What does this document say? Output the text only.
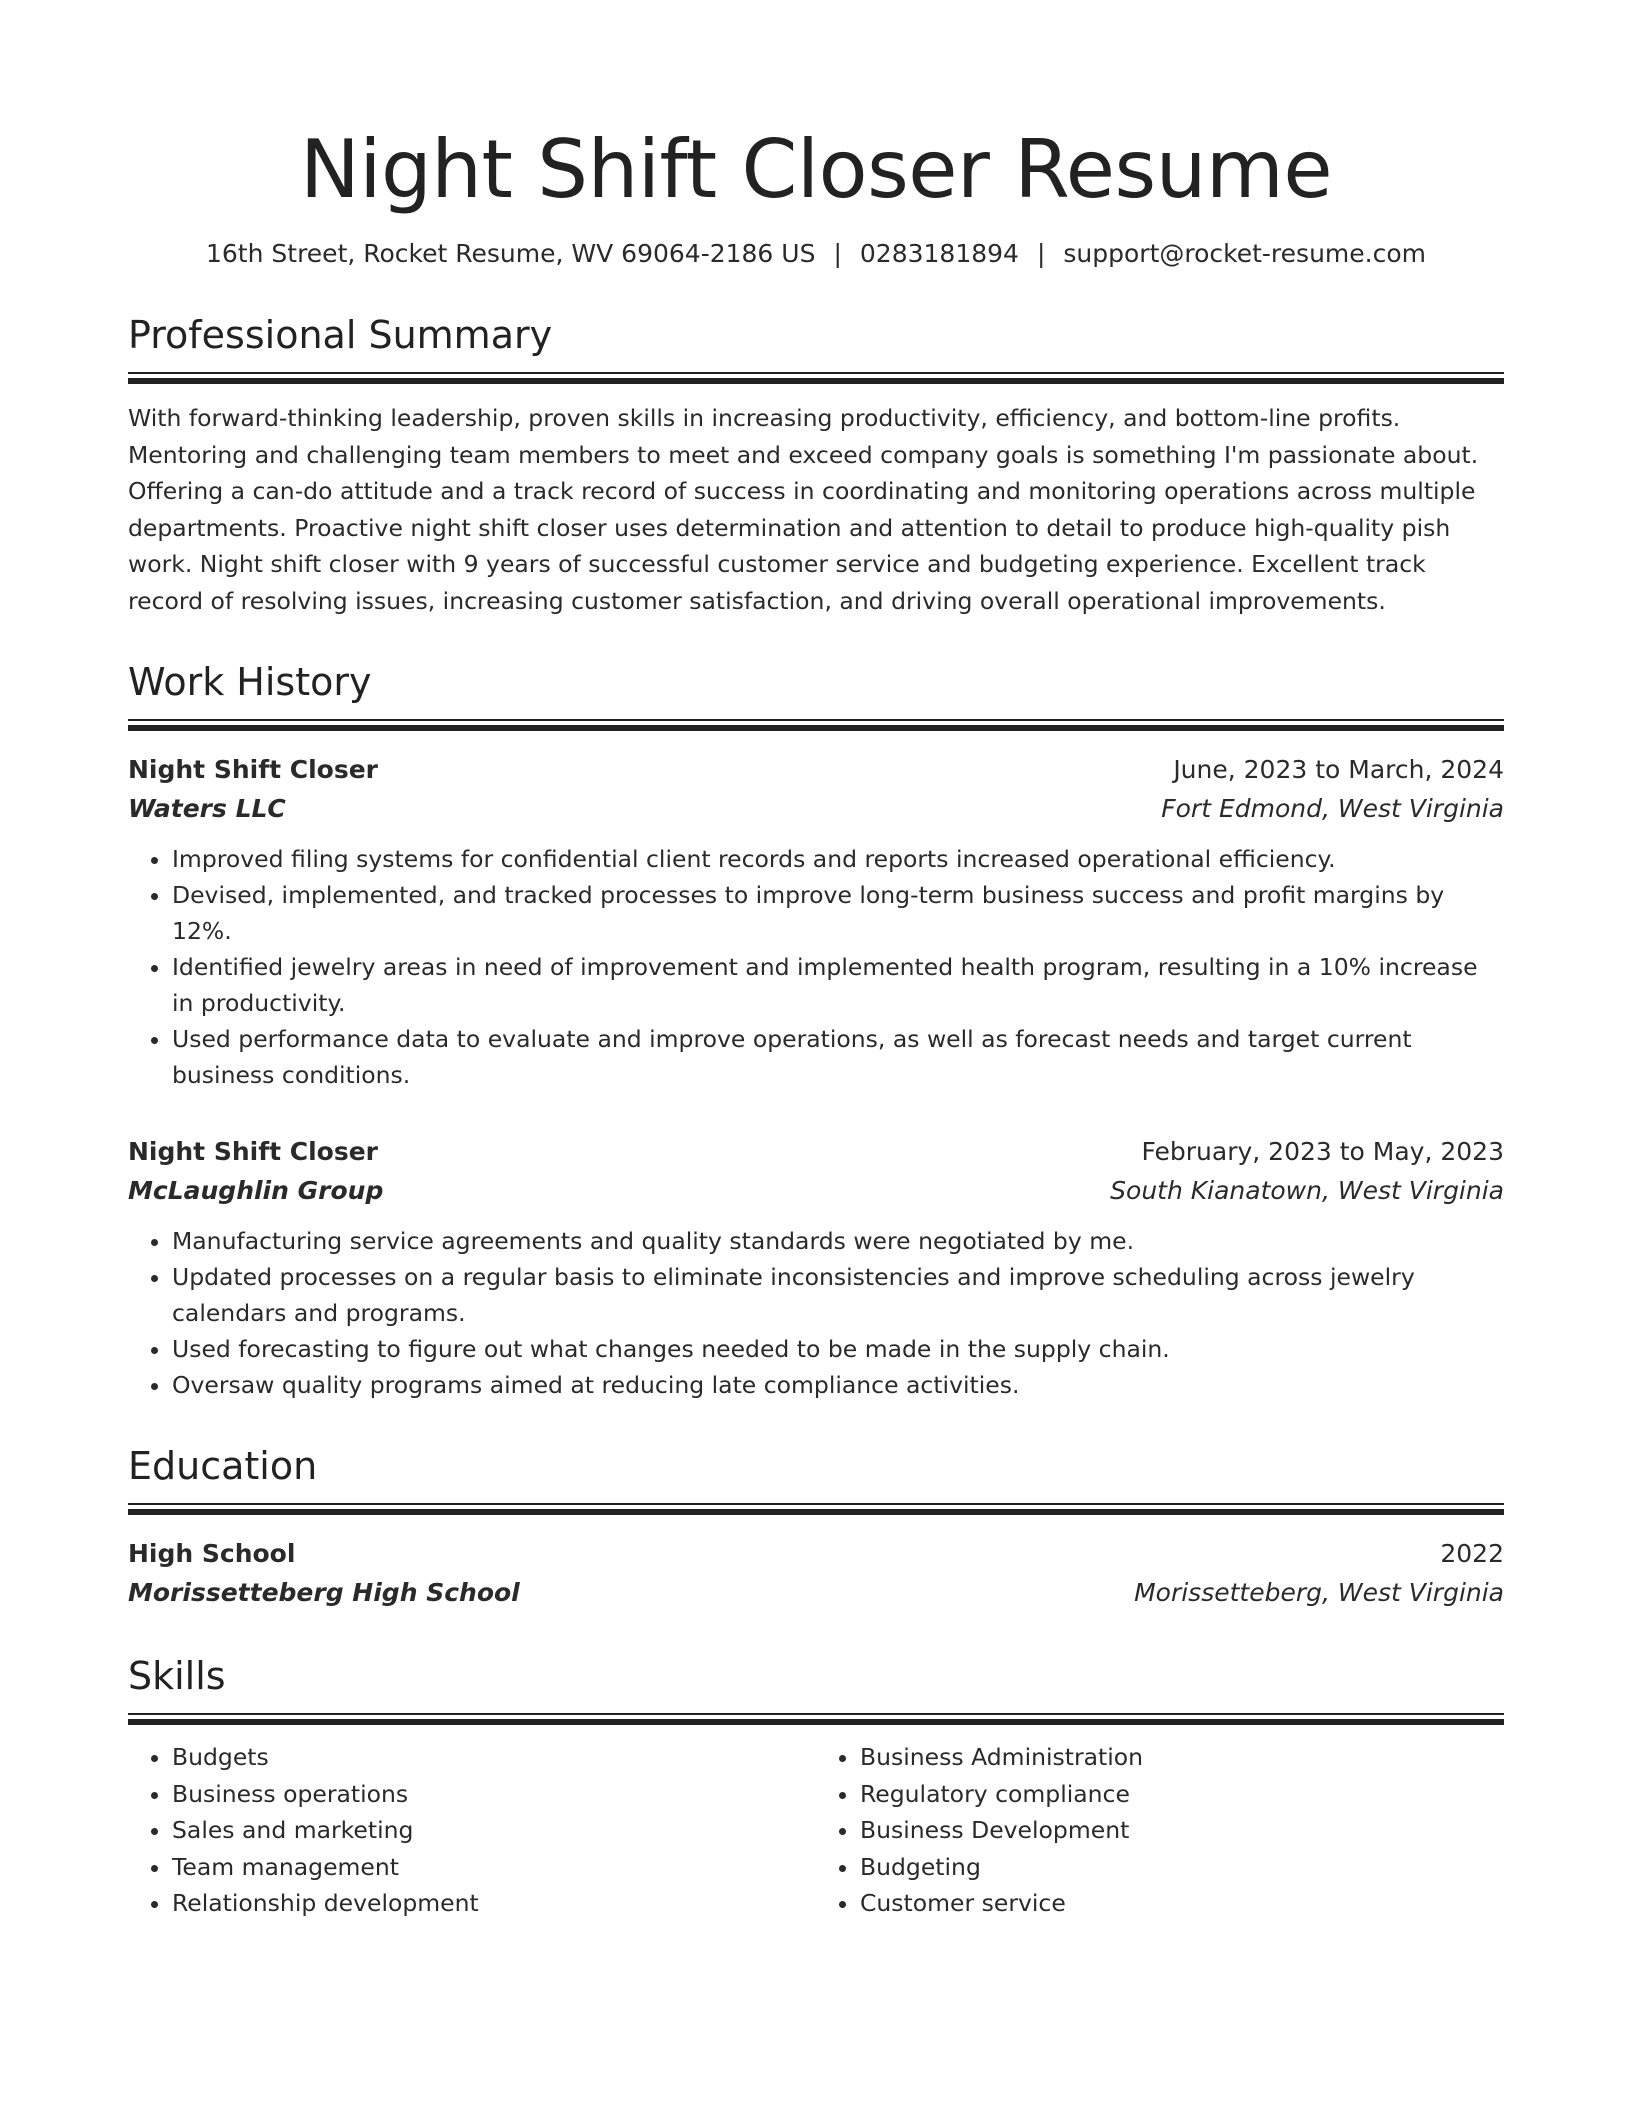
Night Shift Closer Resume
16th Street, Rocket Resume, WV 69064-2186 US | 0283181894 | support@rocket-resume.com
Professional Summary
With forward-thinking leadership, proven skills in increasing productivity, efficiency, and bottom-line profits. Mentoring and challenging team members to meet and exceed company goals is something I'm passionate about. Offering a can-do attitude and a track record of success in coordinating and monitoring operations across multiple departments. Proactive night shift closer uses determination and attention to detail to produce high-quality pish work. Night shift closer with 9 years of successful customer service and budgeting experience. Excellent track record of resolving issues, increasing customer satisfaction, and driving overall operational improvements.
Work History
Night Shift Closer	June, 2023 to March, 2024
Waters LLC	Fort Edmond, West Virginia
• Improved filing systems for confidential client records and reports increased operational efficiency.
• Devised, implemented, and tracked processes to improve long-term business success and profit margins by 12%.
• Identified jewelry areas in need of improvement and implemented health program, resulting in a 10% increase in productivity.
• Used performance data to evaluate and improve operations, as well as forecast needs and target current business conditions.
Night Shift Closer	February, 2023 to May, 2023
McLaughlin Group	South Kianatown, West Virginia
• Manufacturing service agreements and quality standards were negotiated by me.
• Updated processes on a regular basis to eliminate inconsistencies and improve scheduling across jewelry calendars and programs.
• Used forecasting to figure out what changes needed to be made in the supply chain.
• Oversaw quality programs aimed at reducing late compliance activities.
Education
High School	2022
Morissetteberg High School	Morissetteberg, West Virginia
Skills
• Budgets
• Business operations
• Sales and marketing
• Team management
• Relationship development
• Business Administration
• Regulatory compliance
• Business Development
• Budgeting
• Customer service
